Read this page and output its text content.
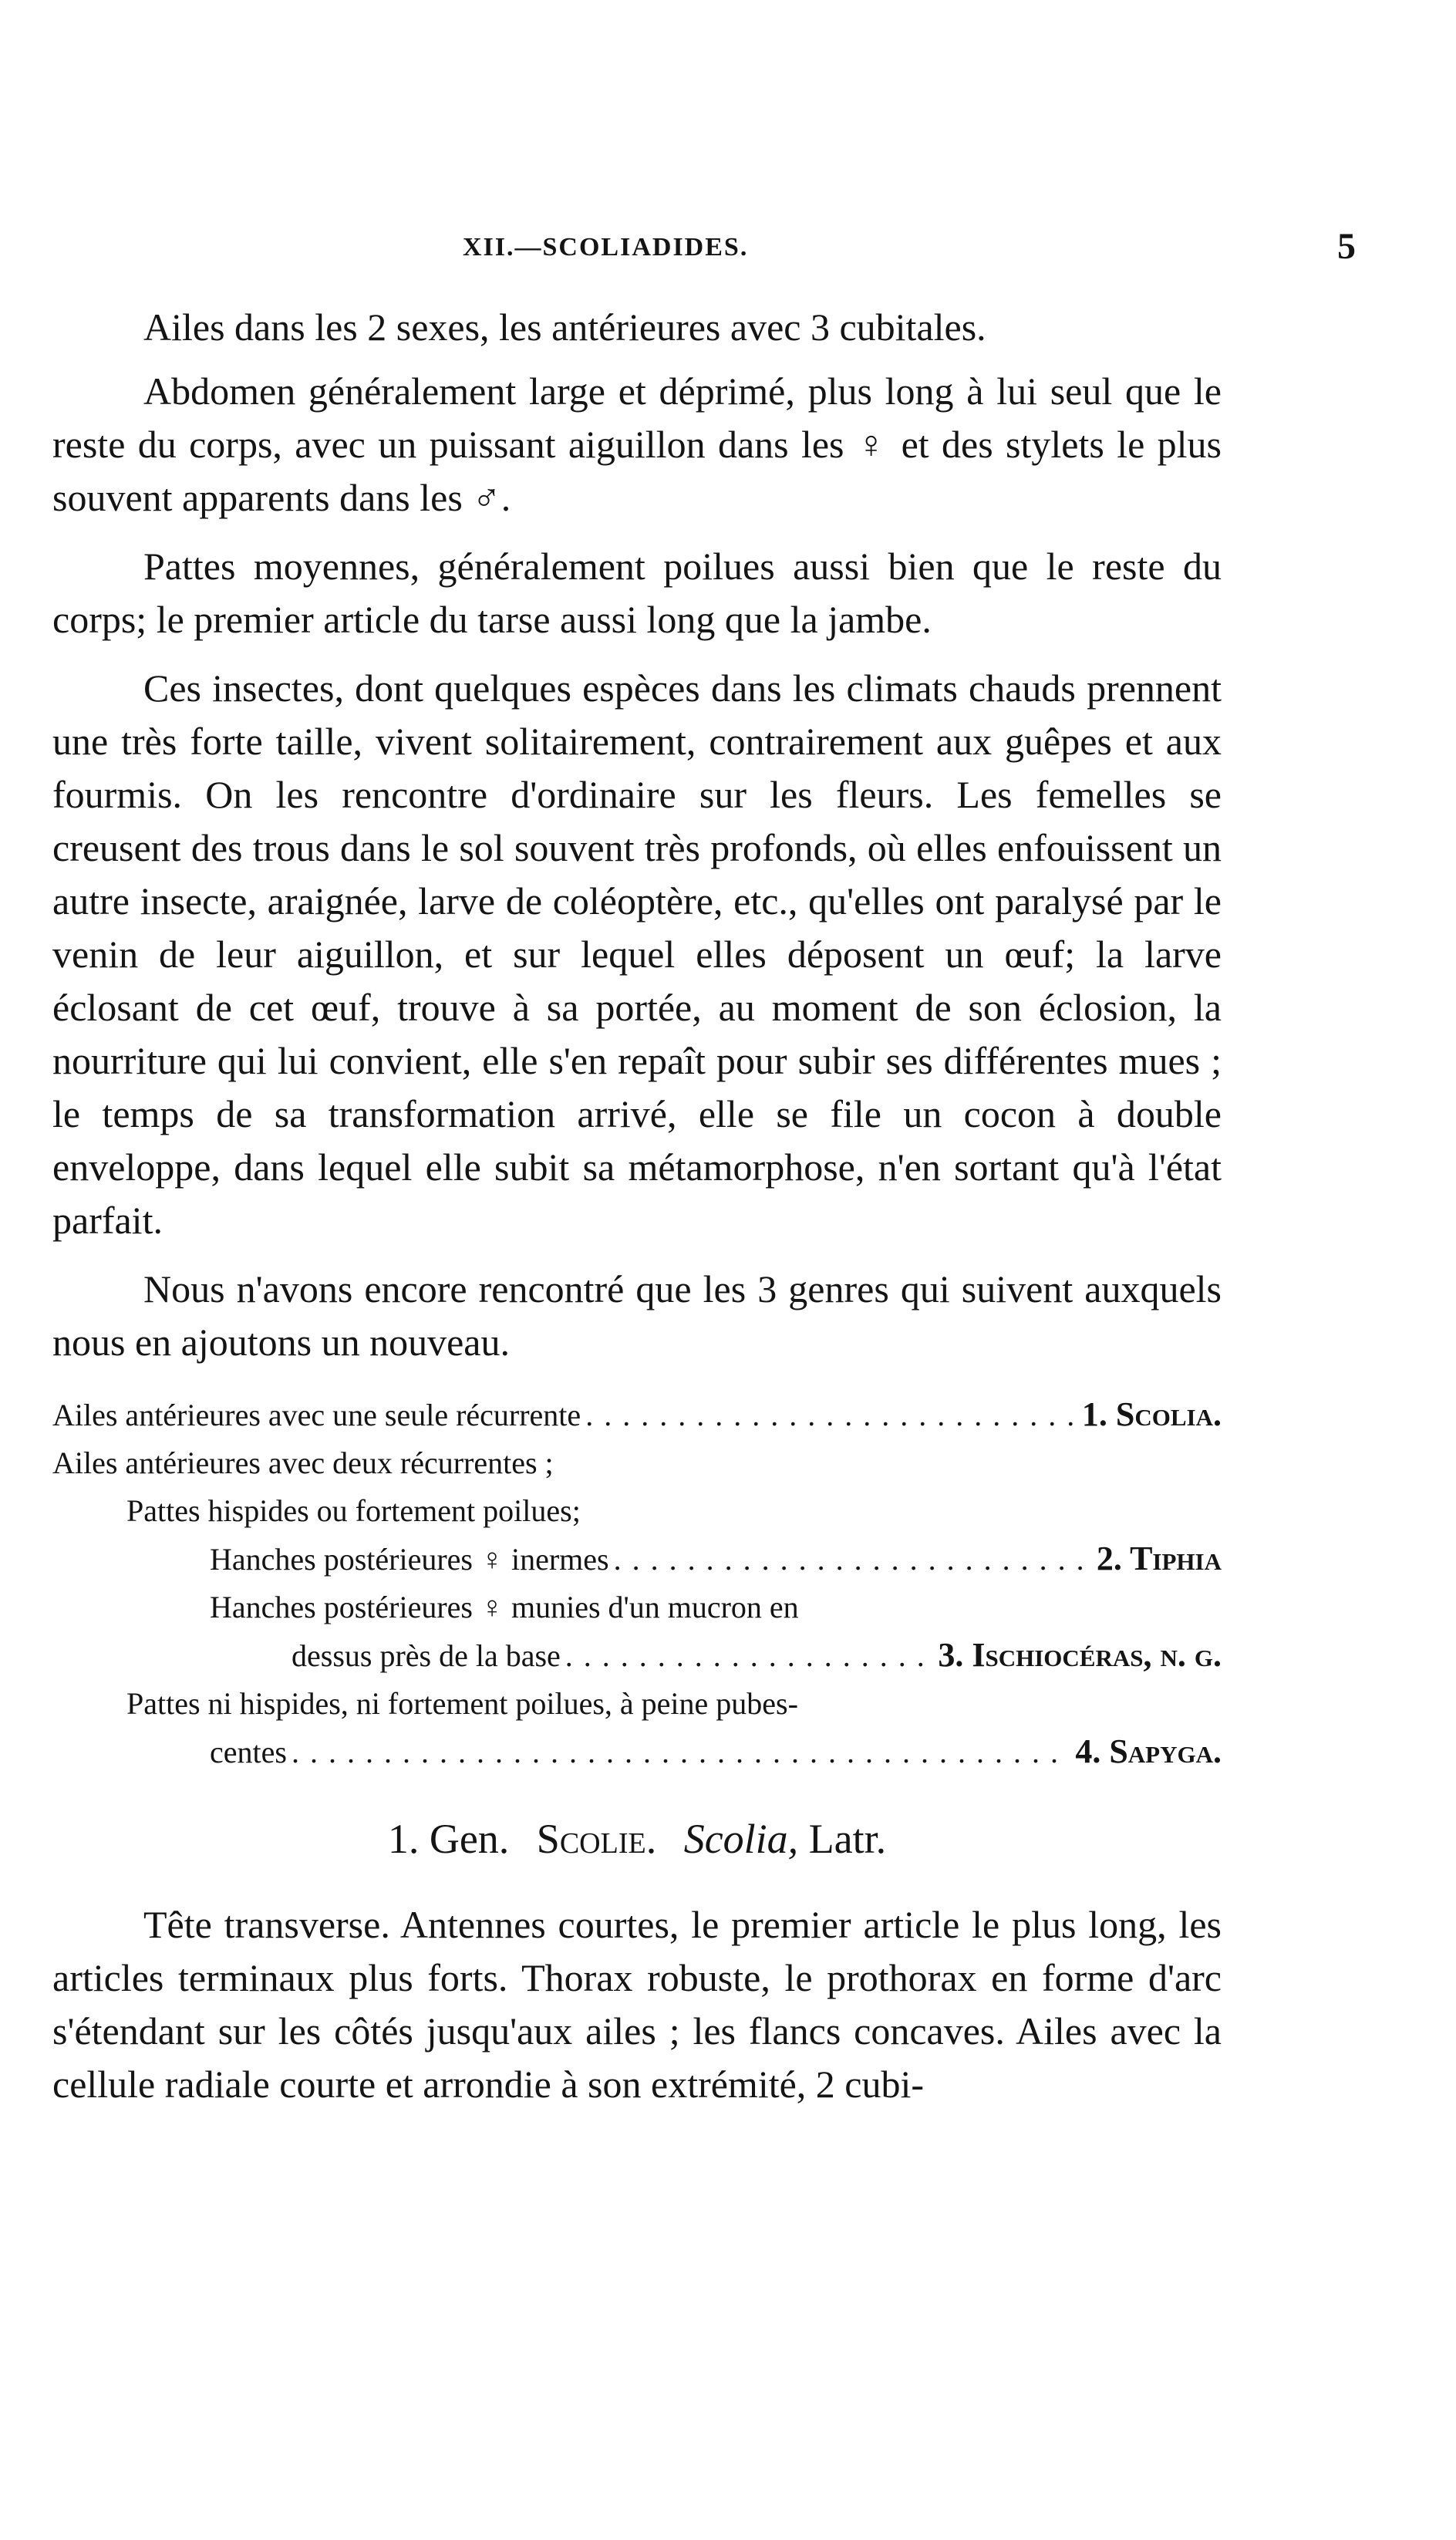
XII.—SCOLIADIDES.	5

Ailes dans les 2 sexes, les antérieures avec 3 cubitales.

Abdomen généralement large et déprimé, plus long à lui seul que le reste du corps, avec un puissant aiguillon dans les ♀ et des stylets le plus souvent apparents dans les ♂.

Pattes moyennes, généralement poilues aussi bien que le reste du corps; le premier article du tarse aussi long que la jambe.

Ces insectes, dont quelques espèces dans les climats chauds prennent une très forte taille, vivent solitairement, contrairement aux guêpes et aux fourmis. On les rencontre d'ordinaire sur les fleurs. Les femelles se creusent des trous dans le sol souvent très profonds, où elles enfouissent un autre insecte, araignée, larve de coléoptère, etc., qu'elles ont paralysé par le venin de leur aiguillon, et sur lequel elles déposent un œuf; la larve éclosant de cet œuf, trouve à sa portée, au moment de son éclosion, la nourriture qui lui convient, elle s'en repaît pour subir ses différentes mues ; le temps de sa transformation arrivé, elle se file un cocon à double enveloppe, dans lequel elle subit sa métamorphose, n'en sortant qu'à l'état parfait.

Nous n'avons encore rencontré que les 3 genres qui suivent auxquels nous en ajoutons un nouveau.

Ailes antérieures avec une seule récurrente . . .	1. Scolia.
Ailes antérieures avec deux récurrentes ;
Pattes hispides ou fortement poilues;
Hanches postérieures ♀ inermes . . .	2. Tiphia
Hanches postérieures ♀ munies d'un mucron en
dessus près de la base . . .	3. Ischiocéras, n. g.
Pattes ni hispides, ni fortement poilues, à peine pubes-
centes . . .	4. Sapyga.
1. Gen. Scolie. Scolia, Latr.

Tête transverse. Antennes courtes, le premier article le plus long, les articles terminaux plus forts. Thorax robuste, le prothorax en forme d'arc s'étendant sur les côtés jusqu'aux ailes ; les flancs concaves. Ailes avec la cellule radiale courte et arrondie à son extrémité, 2 cubi-
